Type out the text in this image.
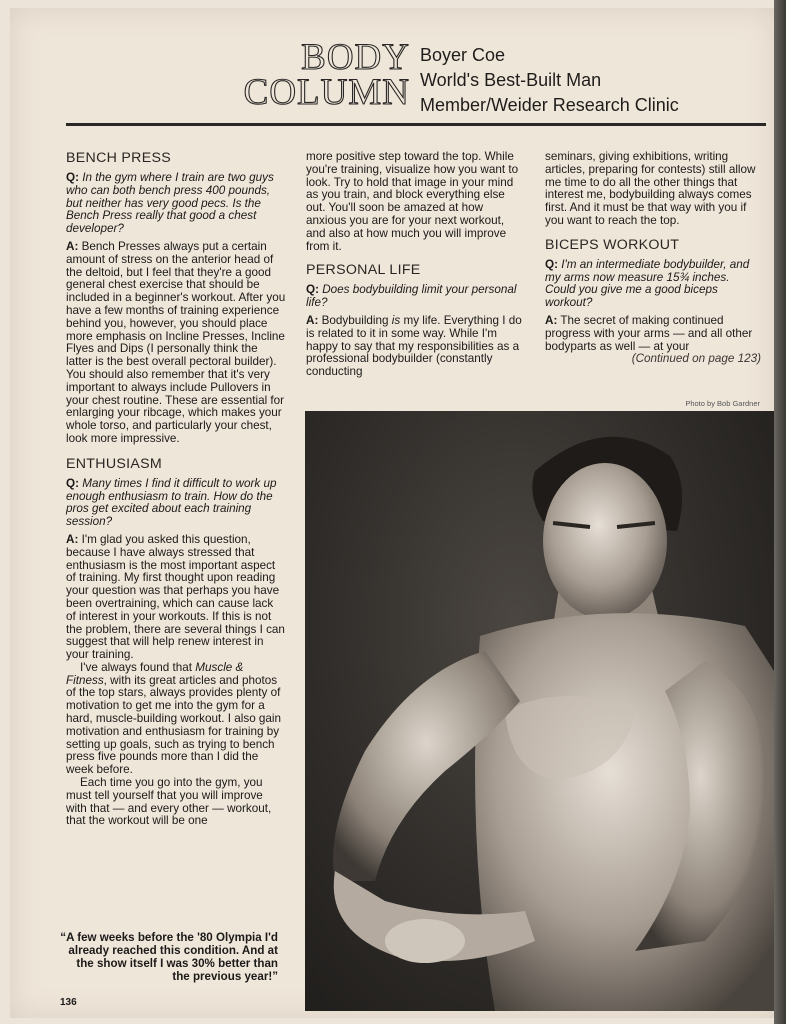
BODY
COLUMN
Boyer Coe
World's Best-Built Man
Member/Weider Research Clinic
BENCH PRESS

Q: In the gym where I train are two guys who can both bench press 400 pounds, but neither has very good pecs. Is the Bench Press really that good a chest developer?

A: Bench Presses always put a certain amount of stress on the anterior head of the deltoid, but I feel that they're a good general chest exercise that should be included in a beginner's workout. After you have a few months of training experience behind you, however, you should place more emphasis on Incline Presses, Incline Flyes and Dips (I personally think the latter is the best overall pectoral builder). You should also remember that it's very important to always include Pullovers in your chest routine. These are essential for enlarging your ribcage, which makes your whole torso, and particularly your chest, look more impressive.

ENTHUSIASM

Q: Many times I find it difficult to work up enough enthusiasm to train. How do the pros get excited about each training session?

A: I'm glad you asked this question, because I have always stressed that enthusiasm is the most important aspect of training. My first thought upon reading your question was that perhaps you have been overtraining, which can cause lack of interest in your workouts. If this is not the problem, there are several things I can suggest that will help renew interest in your training.

I've always found that Muscle & Fitness, with its great articles and photos of the top stars, always provides plenty of motivation to get me into the gym for a hard, muscle-building workout. I also gain motivation and enthusiasm for training by setting up goals, such as trying to bench press five pounds more than I did the week before.

Each time you go into the gym, you must tell yourself that you will improve with that — and every other — workout, that the workout will be one

more positive step toward the top. While you're training, visualize how you want to look. Try to hold that image in your mind as you train, and block everything else out. You'll soon be amazed at how anxious you are for your next workout, and also at how much you will improve from it.

PERSONAL LIFE

Q: Does bodybuilding limit your personal life?

A: Bodybuilding is my life. Everything I do is related to it in some way. While I'm happy to say that my responsibilities as a professional bodybuilder (constantly conducting

seminars, giving exhibitions, writing articles, preparing for contests) still allow me time to do all the other things that interest me, bodybuilding always comes first. And it must be that way with you if you want to reach the top.

BICEPS WORKOUT

Q: I'm an intermediate bodybuilder, and my arms now measure 15¾ inches. Could you give me a good biceps workout?

A: The secret of making continued progress with your arms — and all other bodyparts as well — at your

(Continued on page 123)

Photo by Bob Gardner
“A few weeks before the '80 Olympia I'd already reached this condition. And at the show itself I was 30% better than the previous year!”
136
